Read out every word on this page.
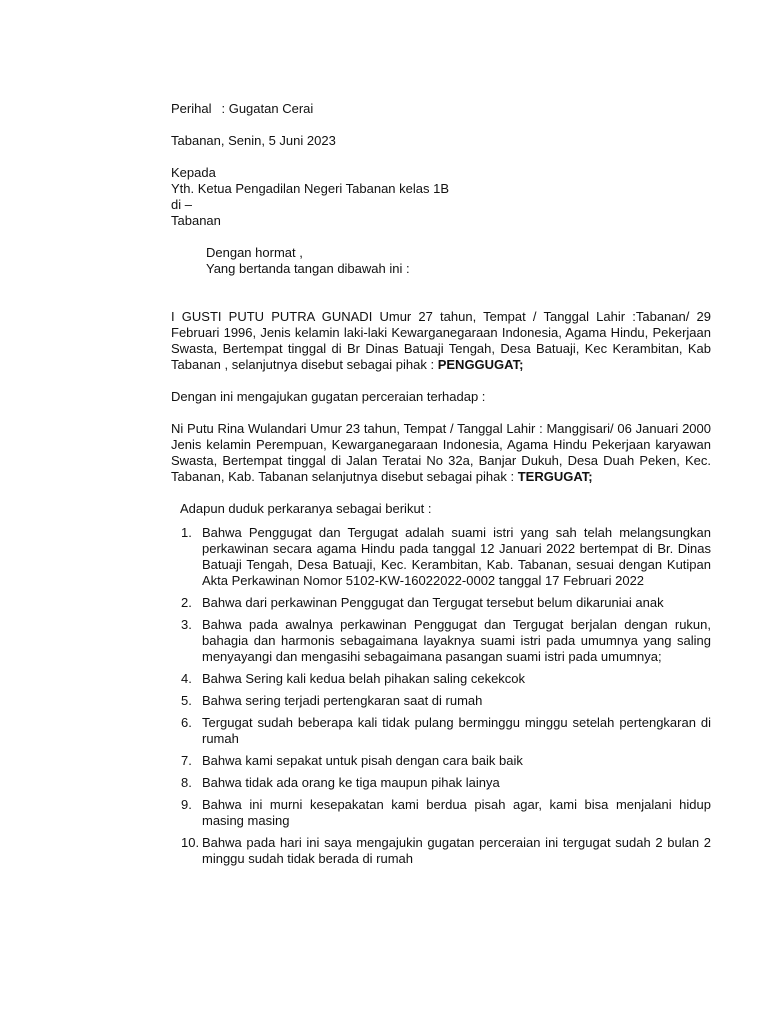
Perihal : Gugatan Cerai
Tabanan, Senin, 5 Juni 2023
Kepada
Yth. Ketua Pengadilan Negeri Tabanan kelas 1B
di –
Tabanan
Dengan hormat ,
Yang bertanda tangan dibawah ini :

I GUSTI PUTU PUTRA GUNADI Umur 27 tahun, Tempat / Tanggal Lahir :Tabanan/ 29 Februari 1996, Jenis kelamin laki-laki Kewarganegaraan Indonesia, Agama Hindu, Pekerjaan Swasta, Bertempat tinggal di Br Dinas Batuaji Tengah, Desa Batuaji, Kec Kerambitan, Kab Tabanan , selanjutnya disebut sebagai pihak : PENGGUGAT;

Dengan ini mengajukan gugatan perceraian terhadap :

Ni Putu Rina Wulandari Umur 23 tahun, Tempat / Tanggal Lahir : Manggisari/ 06 Januari 2000 Jenis kelamin Perempuan, Kewarganegaraan Indonesia, Agama Hindu Pekerjaan karyawan Swasta, Bertempat tinggal di Jalan Teratai No 32a, Banjar Dukuh, Desa Duah Peken, Kec. Tabanan, Kab. Tabanan selanjutnya disebut sebagai pihak : TERGUGAT;

Adapun duduk perkaranya sebagai berikut :
1. Bahwa Penggugat dan Tergugat adalah suami istri yang sah telah melangsungkan perkawinan secara agama Hindu pada tanggal 12 Januari 2022 bertempat di Br. Dinas Batuaji Tengah, Desa Batuaji, Kec. Kerambitan, Kab. Tabanan, sesuai dengan Kutipan Akta Perkawinan Nomor 5102-KW-16022022-0002 tanggal 17 Februari 2022
2. Bahwa dari perkawinan Penggugat dan Tergugat tersebut belum dikaruniai anak
3. Bahwa pada awalnya perkawinan Penggugat dan Tergugat berjalan dengan rukun, bahagia dan harmonis sebagaimana layaknya suami istri pada umumnya yang saling menyayangi dan mengasihi sebagaimana pasangan suami istri pada umumnya;
4. Bahwa Sering kali kedua belah pihakan saling cekekcok
5. Bahwa sering terjadi pertengkaran saat di rumah
6. Tergugat sudah beberapa kali tidak pulang berminggu minggu setelah pertengkaran di rumah
7. Bahwa kami sepakat untuk pisah dengan cara baik baik
8. Bahwa tidak ada orang ke tiga maupun pihak lainya
9. Bahwa ini murni kesepakatan kami berdua pisah agar, kami bisa menjalani hidup masing masing
10. Bahwa pada hari ini saya mengajukin gugatan perceraian ini tergugat sudah 2 bulan 2 minggu sudah tidak berada di rumah
